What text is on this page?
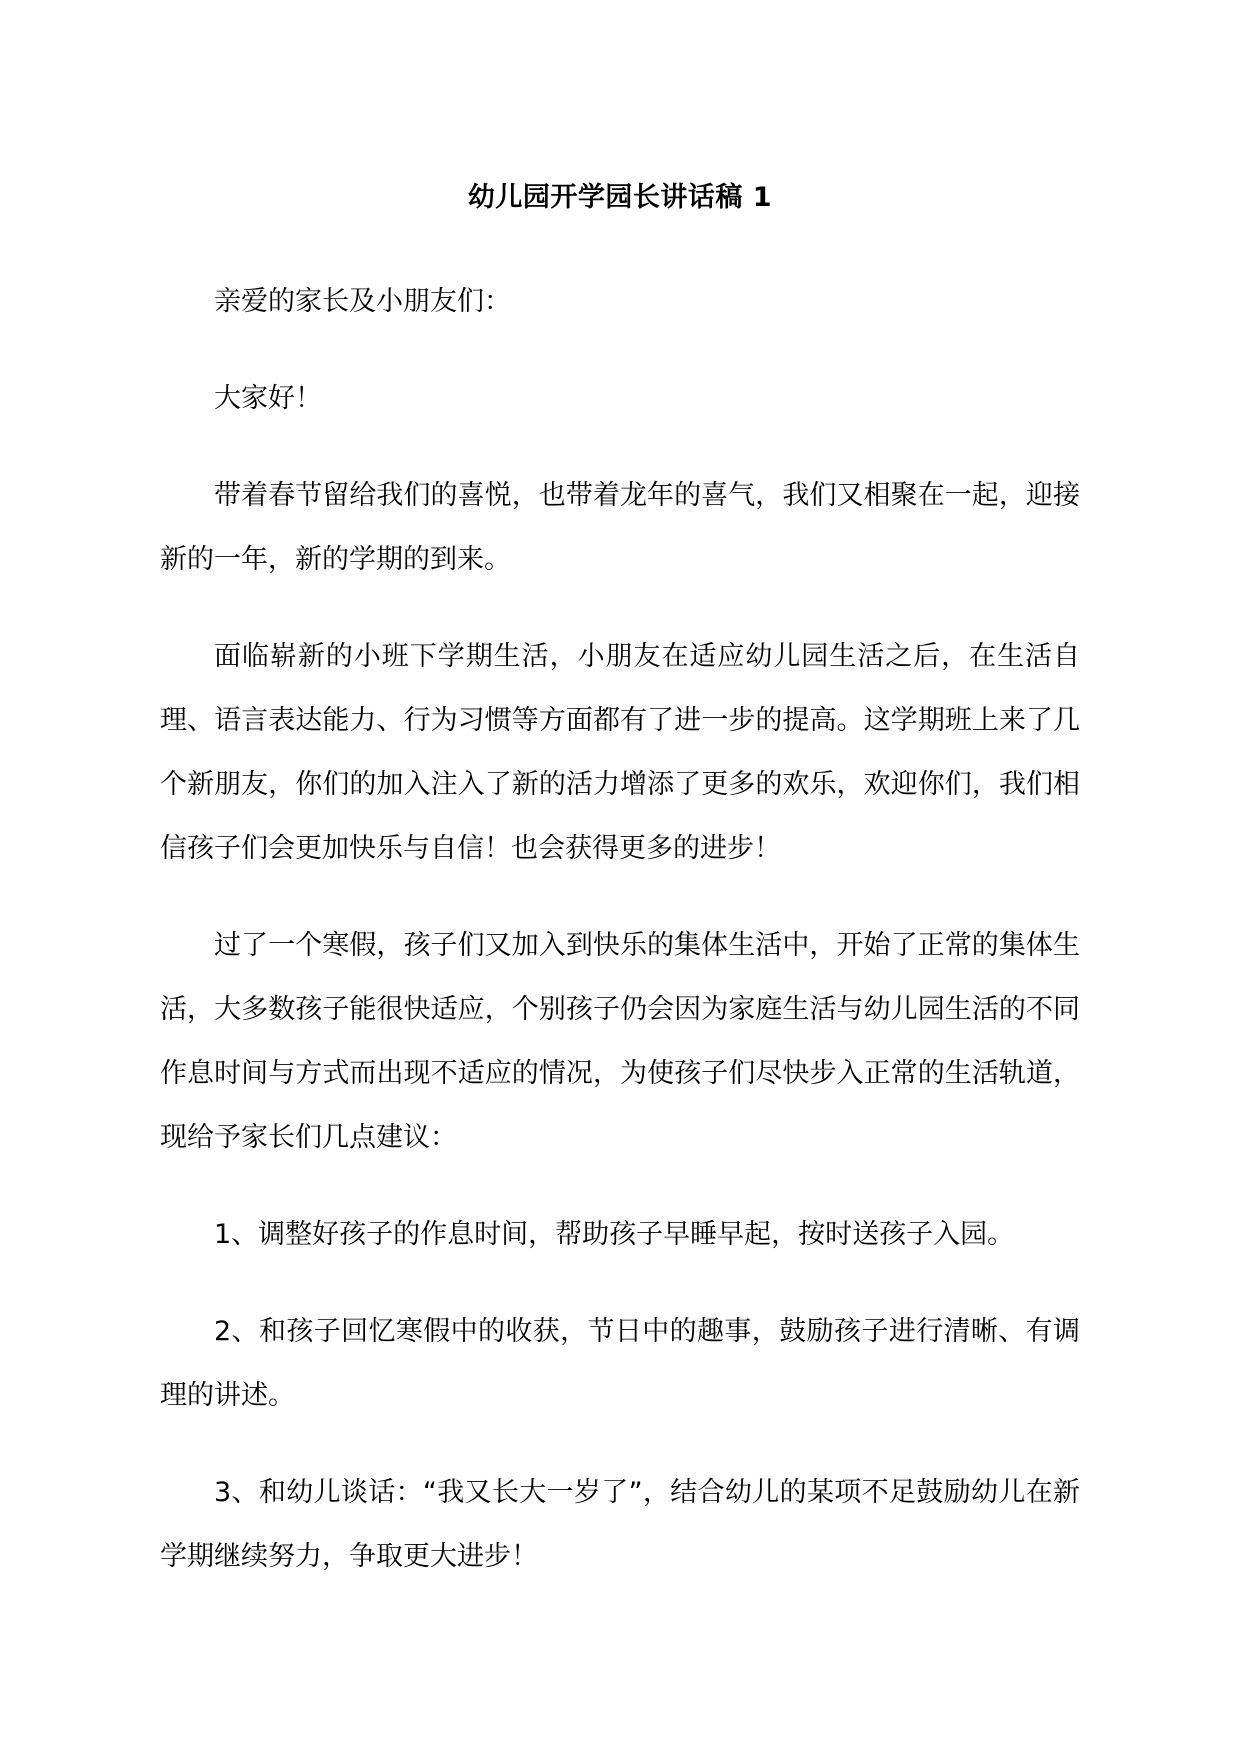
幼儿园开学园长讲话稿 1

亲爱的家长及小朋友们：

大家好！

带着春节留给我们的喜悦，也带着龙年的喜气，我们又相聚在一起，迎接新的一年，新的学期的到来。

面临崭新的小班下学期生活，小朋友在适应幼儿园生活之后，在生活自理、语言表达能力、行为习惯等方面都有了进一步的提高。这学期班上来了几个新朋友，你们的加入注入了新的活力增添了更多的欢乐，欢迎你们，我们相信孩子们会更加快乐与自信！也会获得更多的进步！

过了一个寒假，孩子们又加入到快乐的集体生活中，开始了正常的集体生活，大多数孩子能很快适应，个别孩子仍会因为家庭生活与幼儿园生活的不同作息时间与方式而出现不适应的情况，为使孩子们尽快步入正常的生活轨道，现给予家长们几点建议：

1、调整好孩子的作息时间，帮助孩子早睡早起，按时送孩子入园。

2、和孩子回忆寒假中的收获，节日中的趣事，鼓励孩子进行清晰、有调理的讲述。

3、和幼儿谈话：“我又长大一岁了”，结合幼儿的某项不足鼓励幼儿在新学期继续努力，争取更大进步！
